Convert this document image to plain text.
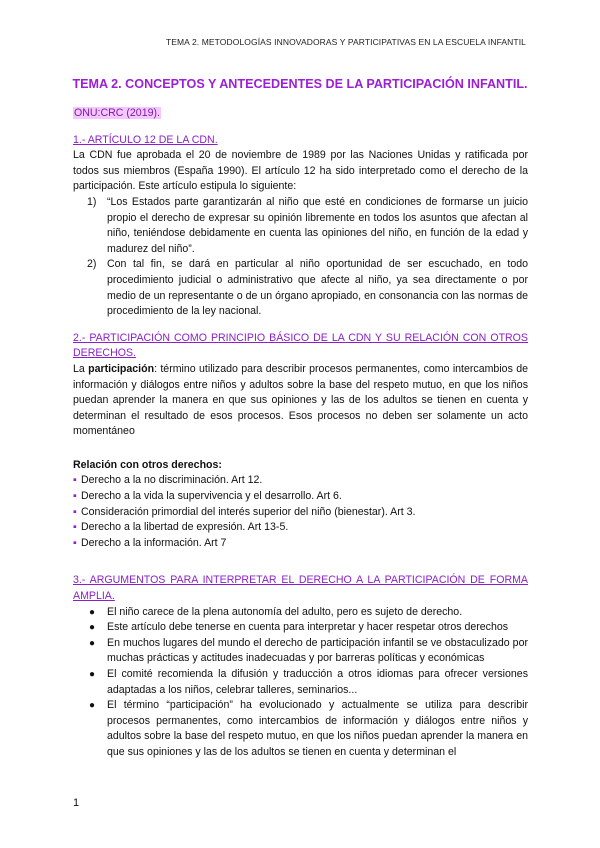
TEMA 2. METODOLOGÍAS INNOVADORAS Y PARTICIPATIVAS EN LA ESCUELA INFANTIL
TEMA 2. CONCEPTOS Y ANTECEDENTES DE LA PARTICIPACIÓN INFANTIL.
ONU:CRC (2019).
1.- ARTÍCULO 12 DE LA CDN.

La CDN fue aprobada el 20 de noviembre de 1989 por las Naciones Unidas y ratificada por todos sus miembros (España 1990). El artículo 12 ha sido interpretado como el derecho de la participación. Este artículo estipula lo siguiente:

1) “Los Estados parte garantizarán al niño que esté en condiciones de formarse un juicio propio el derecho de expresar su opinión libremente en todos los asuntos que afectan al niño, teniéndose debidamente en cuenta las opiniones del niño, en función de la edad y madurez del niño”.
2) Con tal fin, se dará en particular al niño oportunidad de ser escuchado, en todo procedimiento judicial o administrativo que afecte al niño, ya sea directamente o por medio de un representante o de un órgano apropiado, en consonancia con las normas de procedimiento de la ley nacional.
2.- PARTICIPACIÓN COMO PRINCIPIO BÁSICO DE LA CDN Y SU RELACIÓN CON OTROS DERECHOS.

La participación: término utilizado para describir procesos permanentes, como intercambios de información y diálogos entre niños y adultos sobre la base del respeto mutuo, en que los niños puedan aprender la manera en que sus opiniones y las de los adultos se tienen en cuenta y determinan el resultado de esos procesos. Esos procesos no deben ser solamente un acto momentáneo

Relación con otros derechos:
▪ Derecho a la no discriminación. Art 12.
▪ Derecho a la vida la supervivencia y el desarrollo. Art 6.
▪ Consideración primordial del interés superior del niño (bienestar). Art 3.
▪ Derecho a la libertad de expresión. Art 13-5.
▪ Derecho a la información. Art 7
3.- ARGUMENTOS PARA INTERPRETAR EL DERECHO A LA PARTICIPACIÓN DE FORMA AMPLIA.
● El niño carece de la plena autonomía del adulto, pero es sujeto de derecho.
● Este artículo debe tenerse en cuenta para interpretar y hacer respetar otros derechos
● En muchos lugares del mundo el derecho de participación infantil se ve obstaculizado por muchas prácticas y actitudes inadecuadas y por barreras políticas y económicas
● El comité recomienda la difusión y traducción a otros idiomas para ofrecer versiones adaptadas a los niños, celebrar talleres, seminarios...
● El término “participación” ha evolucionado y actualmente se utiliza para describir procesos permanentes, como intercambios de información y diálogos entre niños y adultos sobre la base del respeto mutuo, en que los niños puedan aprender la manera en que sus opiniones y las de los adultos se tienen en cuenta y determinan el
1
